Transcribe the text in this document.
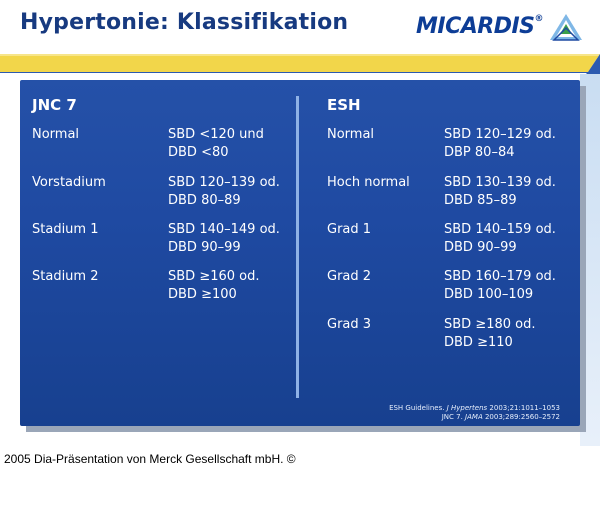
Hypertonie: Klassifikation	MICARDIS®
JNC 7
Normal	SBD <120 und
DBD <80
Vorstadium	SBD 120–139 od.
DBD 80–89
Stadium 1	SBD 140–149 od.
DBD 90–99
Stadium 2	SBD ≥160 od.
DBD ≥100
ESH
Normal	SBD 120–129 od.
DBP 80–84
Hoch normal	SBD 130–139 od.
DBD 85–89
Grad 1	SBD 140–159 od.
DBD 90–99
Grad 2	SBD 160–179 od.
DBD 100–109
Grad 3	SBD ≥180 od.
DBD ≥110
ESH Guidelines. J Hypertens 2003;21:1011–1053
JNC 7. JAMA 2003;289:2560–2572
2005 Dia-Präsentation von Merck Gesellschaft mbH. ©
